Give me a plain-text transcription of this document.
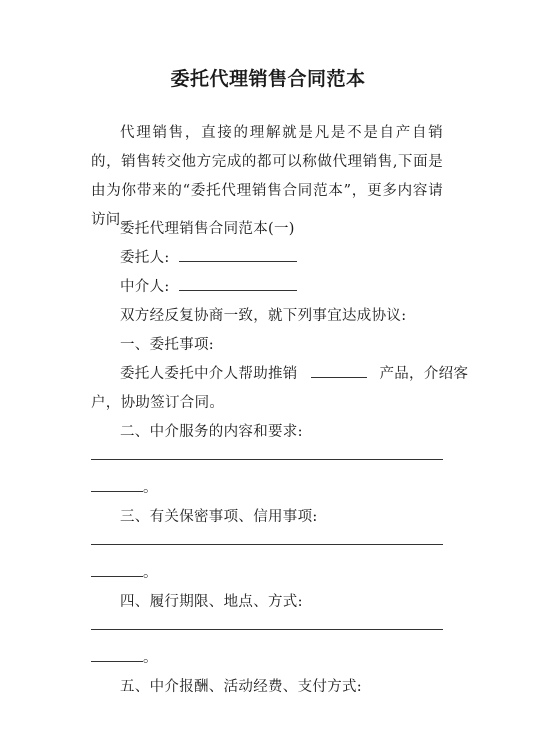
委托代理销售合同范本

代理销售，直接的理解就是凡是不是自产自销的，销售转交他方完成的都可以称做代理销售,下面是由为你带来的“委托代理销售合同范本”，更多内容请访问。

委托代理销售合同范本(一)
委托人:
中介人:
双方经反复协商一致，就下列事宜达成协议:
一、委托事项:
委托人委托中介人帮助推销	产品，介绍客
户，协助签订合同。
二、中介服务的内容和要求:
。
三、有关保密事项、信用事项:
。
四、履行期限、地点、方式:
。
五、中介报酬、活动经费、支付方式:
